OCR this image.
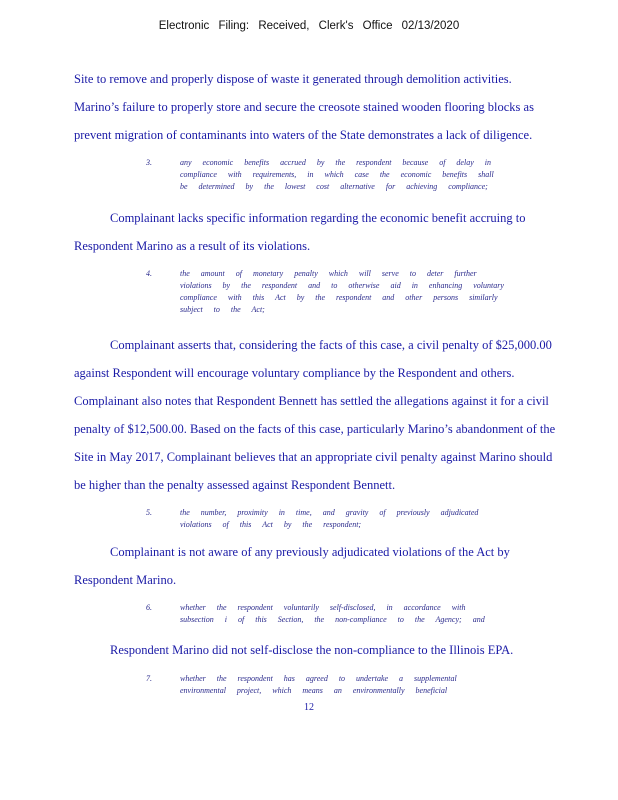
Electronic Filing: Received, Clerk's Office 02/13/2020
Site to remove and properly dispose of waste it generated through demolition activities.
Marino’s failure to properly store and secure the creosote stained wooden flooring blocks as
prevent migration of contaminants into waters of the State demonstrates a lack of diligence.
3.	any economic benefits accrued by the respondent because of delay in
compliance with requirements, in which case the economic benefits shall
be determined by the lowest cost alternative for achieving compliance;
Complainant lacks specific information regarding the economic benefit accruing to
Respondent Marino as a result of its violations.
4.	the amount of monetary penalty which will serve to deter further
violations by the respondent and to otherwise aid in enhancing voluntary
compliance with this Act by the respondent and other persons similarly
subject to the Act;
Complainant asserts that, considering the facts of this case, a civil penalty of $25,000.00
against Respondent will encourage voluntary compliance by the Respondent and others.
Complainant also notes that Respondent Bennett has settled the allegations against it for a civil
penalty of $12,500.00. Based on the facts of this case, particularly Marino’s abandonment of the
Site in May 2017, Complainant believes that an appropriate civil penalty against Marino should
be higher than the penalty assessed against Respondent Bennett.
5.	the number, proximity in time, and gravity of previously adjudicated
violations of this Act by the respondent;
Complainant is not aware of any previously adjudicated violations of the Act by
Respondent Marino.
6.	whether the respondent voluntarily self-disclosed, in accordance with
subsection i of this Section, the non-compliance to the Agency; and
Respondent Marino did not self-disclose the non-compliance to the Illinois EPA.
7.	whether the respondent has agreed to undertake a supplemental
environmental project, which means an environmentally beneficial
12
